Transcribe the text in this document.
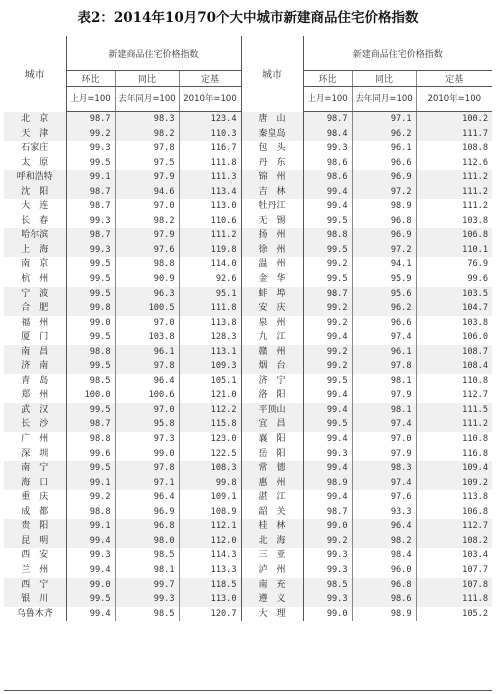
表2：2014年10月70个大中城市新建商品住宅价格指数
城市	新建商品住宅价格指数			城市	新建商品住宅价格指数		
	环比	同比	定基		环比	同比	定基
	上月=100	去年同月=100	2010年=100		上月=100	去年同月=100	2010年=100
北　京	98.7	98.3	123.4	唐　山	98.7	97.1	100.2
天　津	99.2	98.2	110.3	秦皇岛	98.4	96.2	111.7
石家庄	99.3	97.8	116.7	包　头	99.3	96.1	108.8
太　原	99.5	97.5	111.8	丹　东	98.6	96.6	112.6
呼和浩特	99.1	97.9	111.3	锦　州	98.6	96.9	111.2
沈　阳	98.7	94.6	113.4	吉　林	99.4	97.2	111.2
大　连	98.7	97.0	113.0	牡丹江	99.4	98.9	111.2
长　春	99.3	98.2	110.6	无　锡	99.5	96.8	103.8
哈尔滨	98.7	97.9	111.2	扬　州	98.8	96.9	106.8
上　海	99.3	97.6	119.8	徐　州	99.5	97.2	110.1
南　京	99.5	98.8	114.0	温　州	99.2	94.1	76.9
杭　州	99.5	90.9	92.6	金　华	99.5	95.9	99.6
宁　波	99.5	96.3	95.1	蚌　埠	98.7	95.6	103.5
合　肥	99.8	100.5	111.8	安　庆	99.2	96.2	104.7
福　州	99.0	97.0	113.8	泉　州	99.2	96.6	103.8
厦　门	99.5	103.8	128.3	九　江	99.4	97.4	106.0
南　昌	98.8	96.1	113.1	赣　州	99.2	96.1	108.7
济　南	99.5	97.8	109.3	烟　台	99.2	97.8	108.4
青　岛	98.5	96.4	105.1	济　宁	99.5	98.1	110.8
郑　州	100.0	100.6	121.0	洛　阳	99.4	97.9	112.7
武　汉	99.5	97.0	112.2	平顶山	99.4	98.1	111.5
长　沙	98.7	95.8	115.8	宜　昌	99.5	97.4	111.2
广　州	98.8	97.3	123.0	襄　阳	99.4	97.0	110.8
深　圳	99.6	99.0	122.5	岳　阳	99.3	97.9	116.8
南　宁	99.5	97.8	108.3	常　德	99.4	98.3	109.4
海　口	99.1	97.1	99.8	惠　州	98.9	97.4	109.2
重　庆	99.2	96.4	109.1	湛　江	99.4	97.6	113.8
成　都	98.8	96.9	108.9	韶　关	98.7	93.3	106.8
贵　阳	99.1	96.8	112.1	桂　林	99.0	96.4	112.7
昆　明	99.4	98.0	112.0	北　海	99.2	98.2	108.2
西　安	99.3	98.5	114.3	三　亚	99.3	98.4	103.4
兰　州	99.4	98.1	113.3	泸　州	99.3	96.0	107.7
西　宁	99.0	99.7	118.5	南　充	98.5	96.8	107.8
银　川	99.5	99.3	113.0	遵　义	99.3	98.6	111.8
乌鲁木齐	99.4	98.5	120.7	大　理	99.0	98.9	105.2
